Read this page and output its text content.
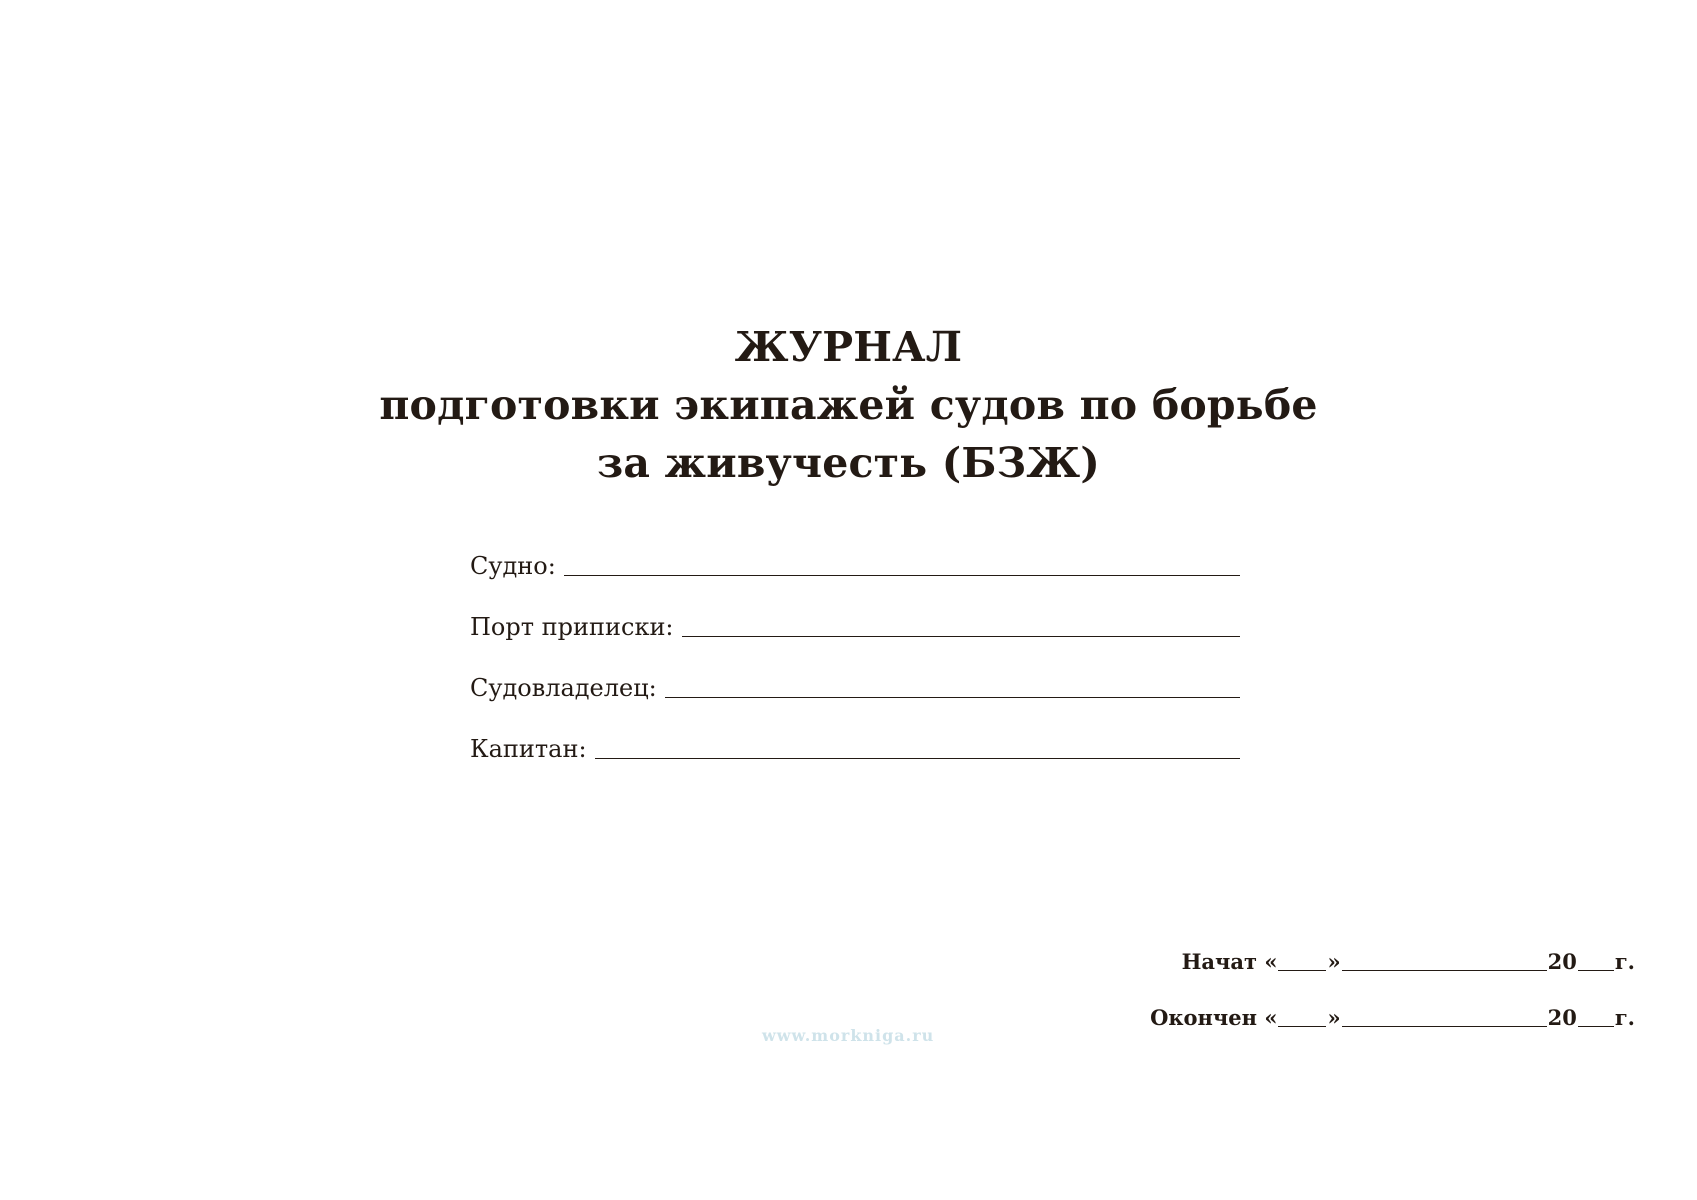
ЖУРНАЛ
подготовки экипажей судов по борьбе
за живучесть (БЗЖ)
Судно:
Порт приписки:
Судовладелец:
Капитан:
Начат
« »	20 г.
Окончен
« »	20 г.
www.morkniga.ru
